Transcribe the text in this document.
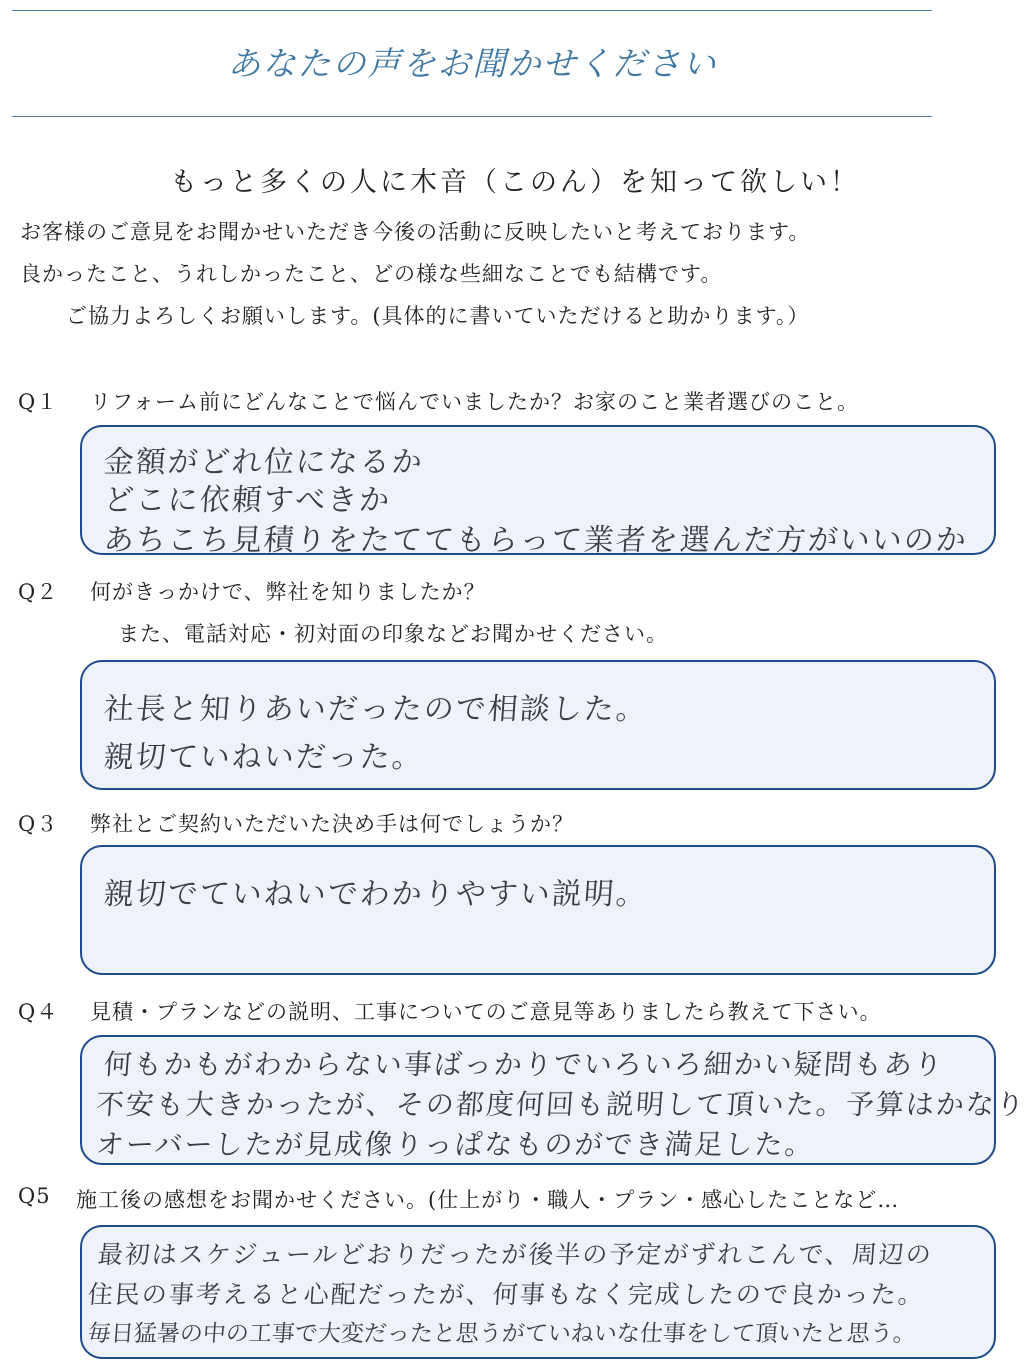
あなたの声をお聞かせください
もっと多くの人に木音（このん）を知って欲しい！
お客様のご意見をお聞かせいただき今後の活動に反映したいと考えております。
良かったこと、うれしかったこと、どの様な些細なことでも結構です。
ご協力よろしくお願いします。(具体的に書いていただけると助かります。）
Q１ リフォーム前にどんなことで悩んでいましたか？お家のこと業者選びのこと。
金額がどれ位になるか
どこに依頼すべきか
あちこち見積りをたててもらって業者を選んだ方がいいのか
Q２ 何がきっかけで、弊社を知りましたか？
また、電話対応・初対面の印象などお聞かせください。
社長と知りあいだったので相談した。
親切ていねいだった。
Q３ 弊社とご契約いただいた決め手は何でしょうか？
親切でていねいでわかりやすい説明。
Q４ 見積・プランなどの説明、工事についてのご意見等ありましたら教えて下さい。
何もかもがわからない事ばっかりでいろいろ細かい疑問もあり
不安も大きかったが、その都度何回も説明して頂いた。予算はかなり
オーバーしたが見成像りっぱなものができ満足した。
Q5 施工後の感想をお聞かせください。(仕上がり・職人・プラン・感心したことなど…
最初はスケジュールどおりだったが後半の予定がずれこんで、周辺の
住民の事考えると心配だったが、何事もなく完成したので良かった。
毎日猛暑の中の工事で大変だったと思うがていねいな仕事をして頂いたと思う。
